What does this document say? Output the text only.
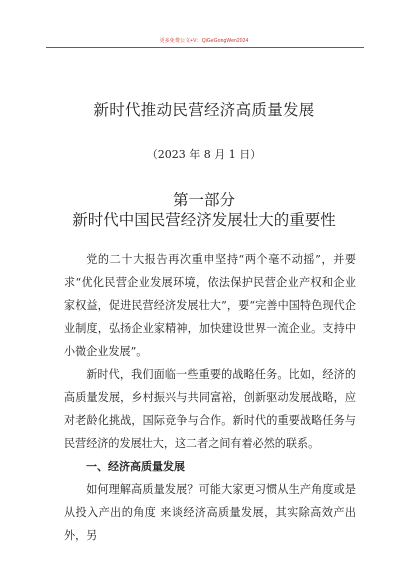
更多免费公文+V：QiGeGongWen2024
新时代推动民营经济高质量发展
（2023 年 8 月 1 日）
第一部分
新时代中国民营经济发展壮大的重要性

党的二十大报告再次重申坚持“两个毫不动摇”，并要求“优化民营企业发展环境，依法保护民营企业产权和企业家权益，促进民营经济发展壮大”，要“完善中国特色现代企业制度，弘扬企业家精神，加快建设世界一流企业。支持中小微企业发展”。

新时代，我们面临一些重要的战略任务。比如，经济的高质量发展，乡村振兴与共同富裕，创新驱动发展战略，应对老龄化挑战，国际竞争与合作。新时代的重要战略任务与民营经济的发展壮大，这二者之间有着必然的联系。

一、经济高质量发展

如何理解高质量发展？可能大家更习惯从生产角度或是从投入产出的角度 来谈经济高质量发展，其实除高效产出外，另
